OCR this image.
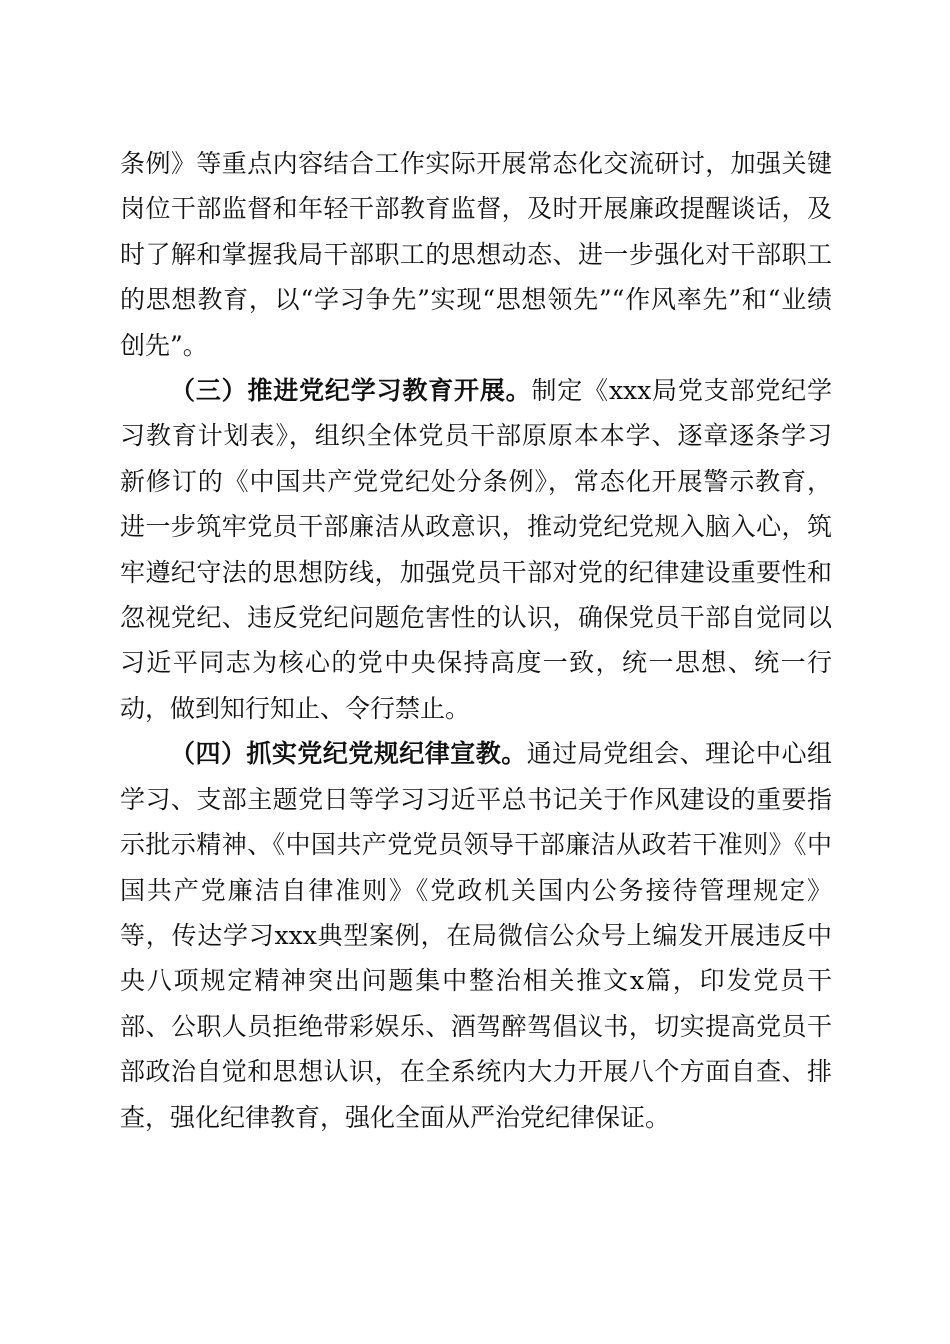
条例》等重点内容结合工作实际开展常态化交流研讨，加强关键岗位干部监督和年轻干部教育监督，及时开展廉政提醒谈话，及时了解和掌握我局干部职工的思想动态、进一步强化对干部职工的思想教育，以“学习争先”实现“思想领先”“作风率先”和“业绩创先”。

（三）推进党纪学习教育开展。制定《xxx局党支部党纪学习教育计划表》，组织全体党员干部原原本本学、逐章逐条学习新修订的《中国共产党党纪处分条例》，常态化开展警示教育，进一步筑牢党员干部廉洁从政意识，推动党纪党规入脑入心，筑牢遵纪守法的思想防线，加强党员干部对党的纪律建设重要性和忽视党纪、违反党纪问题危害性的认识，确保党员干部自觉同以习近平同志为核心的党中央保持高度一致，统一思想、统一行动，做到知行知止、令行禁止。

（四）抓实党纪党规纪律宣教。通过局党组会、理论中心组学习、支部主题党日等学习习近平总书记关于作风建设的重要指示批示精神、《中国共产党党员领导干部廉洁从政若干准则》《中国共产党廉洁自律准则》《党政机关国内公务接待管理规定》等，传达学习xxx典型案例，在局微信公众号上编发开展违反中央八项规定精神突出问题集中整治相关推文x篇，印发党员干部、公职人员拒绝带彩娱乐、酒驾醉驾倡议书，切实提高党员干部政治自觉和思想认识，在全系统内大力开展八个方面自查、排查，强化纪律教育，强化全面从严治党纪律保证。
